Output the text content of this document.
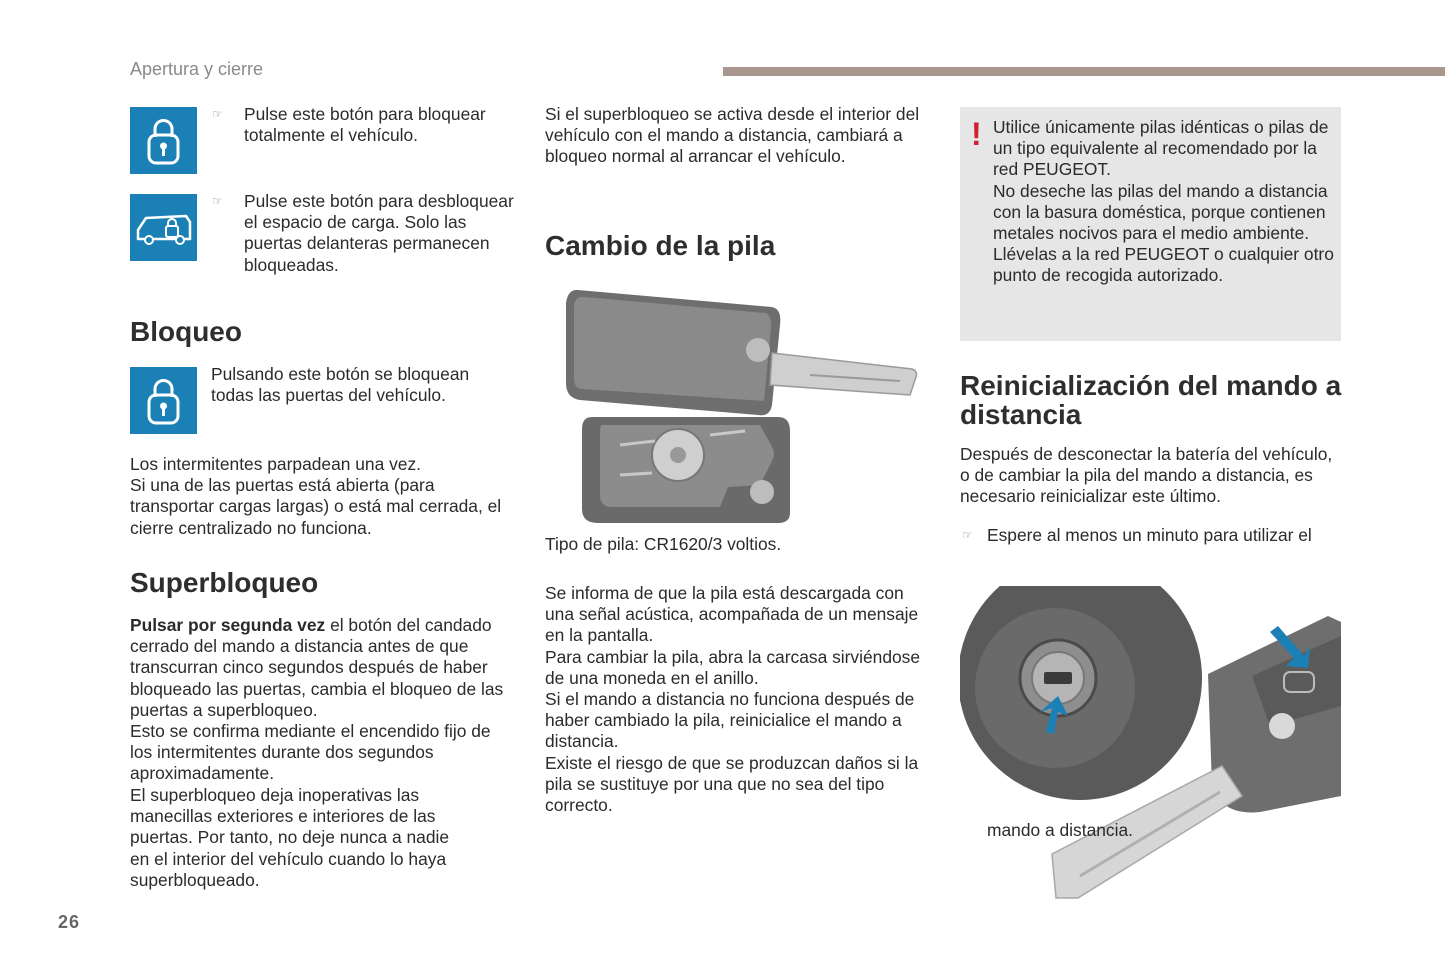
Apertura y cierre
☞ Pulse este botón para bloquear totalmente el vehículo.
☞ Pulse este botón para desbloquear el espacio de carga. Solo las puertas delanteras permanecen bloqueadas.
Bloqueo
Pulsando este botón se bloquean todas las puertas del vehículo.
Los intermitentes parpadean una vez.
Si una de las puertas está abierta (para transportar cargas largas) o está mal cerrada, el cierre centralizado no funciona.
Superbloqueo
Pulsar por segunda vez el botón del candado cerrado del mando a distancia antes de que transcurran cinco segundos después de haber bloqueado las puertas, cambia el bloqueo de las puertas a superbloqueo.
Esto se confirma mediante el encendido fijo de los intermitentes durante dos segundos aproximadamente.
El superbloqueo deja inoperativas las manecillas exteriores e interiores de las puertas. Por tanto, no deje nunca a nadie en el interior del vehículo cuando lo haya superbloqueado.
26
Si el superbloqueo se activa desde el interior del vehículo con el mando a distancia, cambiará a bloqueo normal al arrancar el vehículo.
Cambio de la pila
Tipo de pila: CR1620/3 voltios.
Se informa de que la pila está descargada con una señal acústica, acompañada de un mensaje en la pantalla.
Para cambiar la pila, abra la carcasa sirviéndose de una moneda en el anillo.
Si el mando a distancia no funciona después de haber cambiado la pila, reinicialice el mando a distancia.
Existe el riesgo de que se produzcan daños si la pila se sustituye por una que no sea del tipo correcto.
! Utilice únicamente pilas idénticas o pilas de un tipo equivalente al recomendado por la red PEUGEOT.
No deseche las pilas del mando a distancia con la basura doméstica, porque contienen metales nocivos para el medio ambiente.
Llévelas a la red PEUGEOT o cualquier otro punto de recogida autorizado.
Reinicialización del mando a distancia
Después de desconectar la batería del vehículo, o de cambiar la pila del mando a distancia, es necesario reinicializar este último.
☞ Espere al menos un minuto para utilizar el
mando a distancia.
